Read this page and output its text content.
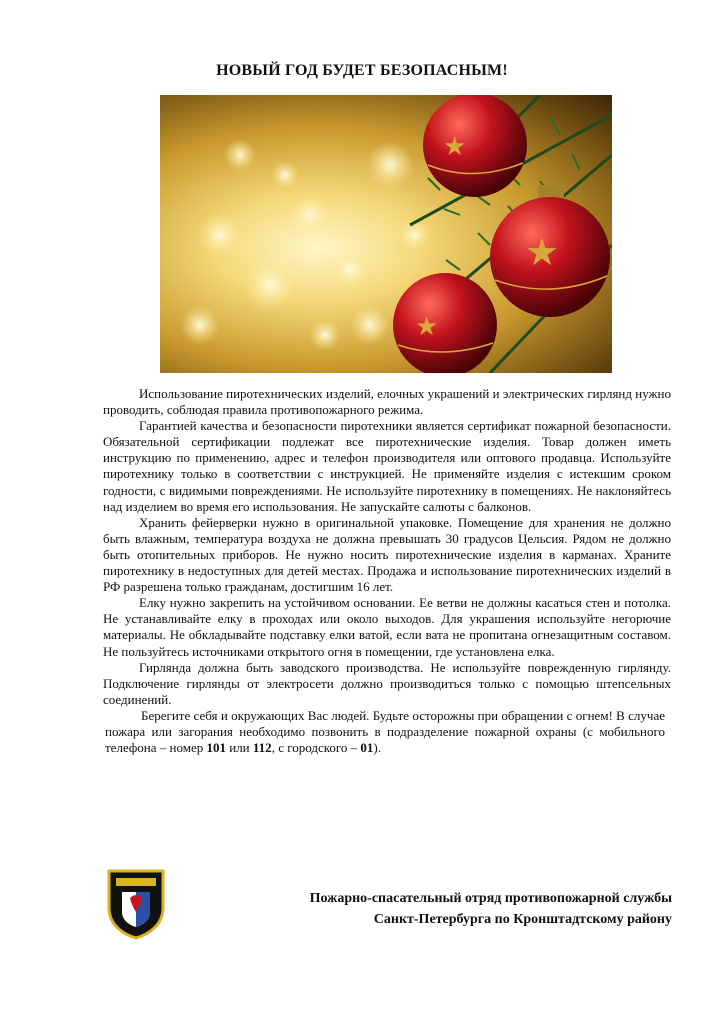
НОВЫЙ ГОД БУДЕТ БЕЗОПАСНЫМ!
★
★
★

Использование пиротехнических изделий, елочных украшений и электрических гирлянд нужно проводить, соблюдая правила противопожарного режима.

Гарантией качества и безопасности пиротехники является сертификат пожарной безопасности. Обязательной сертификации подлежат все пиротехнические изделия. Товар должен иметь инструкцию по применению, адрес и телефон производителя или оптового продавца. Используйте пиротехнику только в соответствии с инструкцией. Не применяйте изделия с истекшим сроком годности, с видимыми повреждениями. Не используйте пиротехнику в помещениях. Не наклоняйтесь над изделием во время его использования. Не запускайте салюты с балконов.

Хранить фейерверки нужно в оригинальной упаковке. Помещение для хранения не должно быть влажным, температура воздуха не должна превышать 30 градусов Цельсия. Рядом не должно быть отопительных приборов. Не нужно носить пиротехнические изделия в карманах. Храните пиротехнику в недоступных для детей местах. Продажа и использование пиротехнических изделий в РФ разрешена только гражданам, достигшим 16 лет.

Елку нужно закрепить на устойчивом основании. Ее ветви не должны касаться стен и потолка. Не устанавливайте елку в проходах или около выходов. Для украшения используйте негорючие материалы. Не обкладывайте подставку елки ватой, если вата не пропитана огнезащитным составом. Не пользуйтесь источниками открытого огня в помещении, где установлена елка.

Гирлянда должна быть заводского производства. Не используйте поврежденную гирлянду. Подключение гирлянды от электросети должно производиться только с помощью штепсельных соединений.

Берегите себя и окружающих Вас людей. Будьте осторожны при обращении с огнем! В случае пожара или загорания необходимо позвонить в подразделение пожарной охраны (с мобильного телефона – номер 101 или 112, с городского – 01).

Пожарно-спасательный отряд противопожарной службы
Санкт-Петербурга по Кронштадтскому району
